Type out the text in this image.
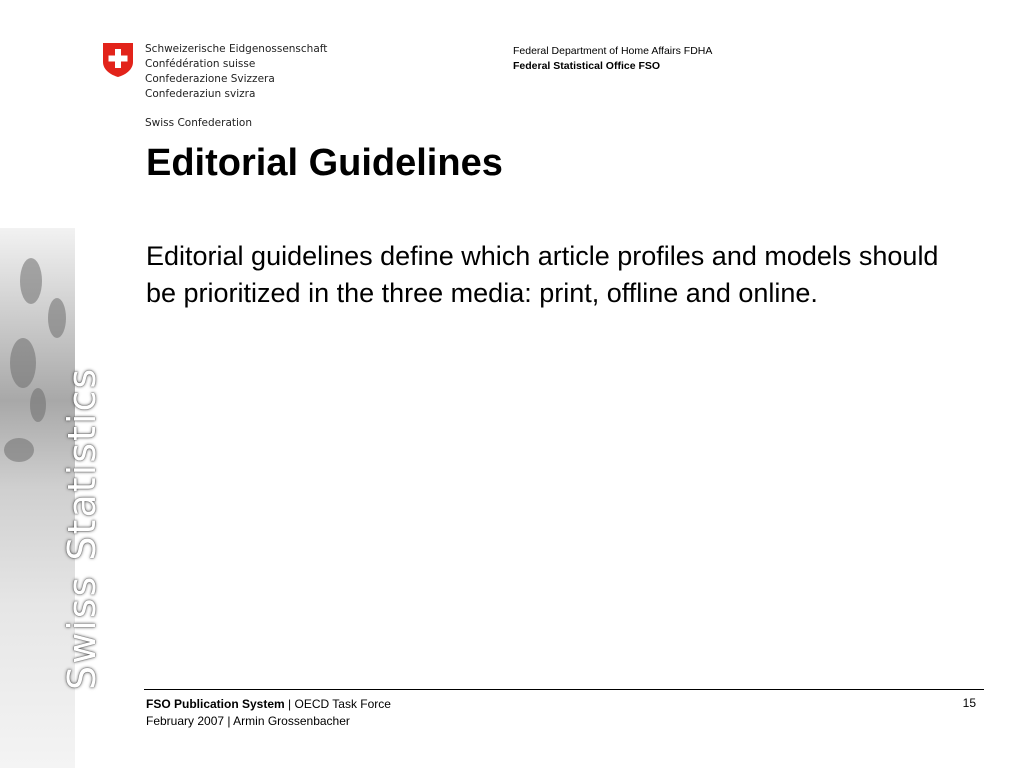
Swiss Statistics
Schweizerische Eidgenossenschaft
Confédération suisse
Confederazione Svizzera
Confederaziun svizra
Swiss Confederation
Federal Department of Home Affairs FDHA
Federal Statistical Office FSO
Editorial Guidelines

Editorial guidelines define which article profiles and models should be prioritized in the three media: print, offline and online.

FSO Publication System | OECD Task Force
February 2007 | Armin Grossenbacher
15
